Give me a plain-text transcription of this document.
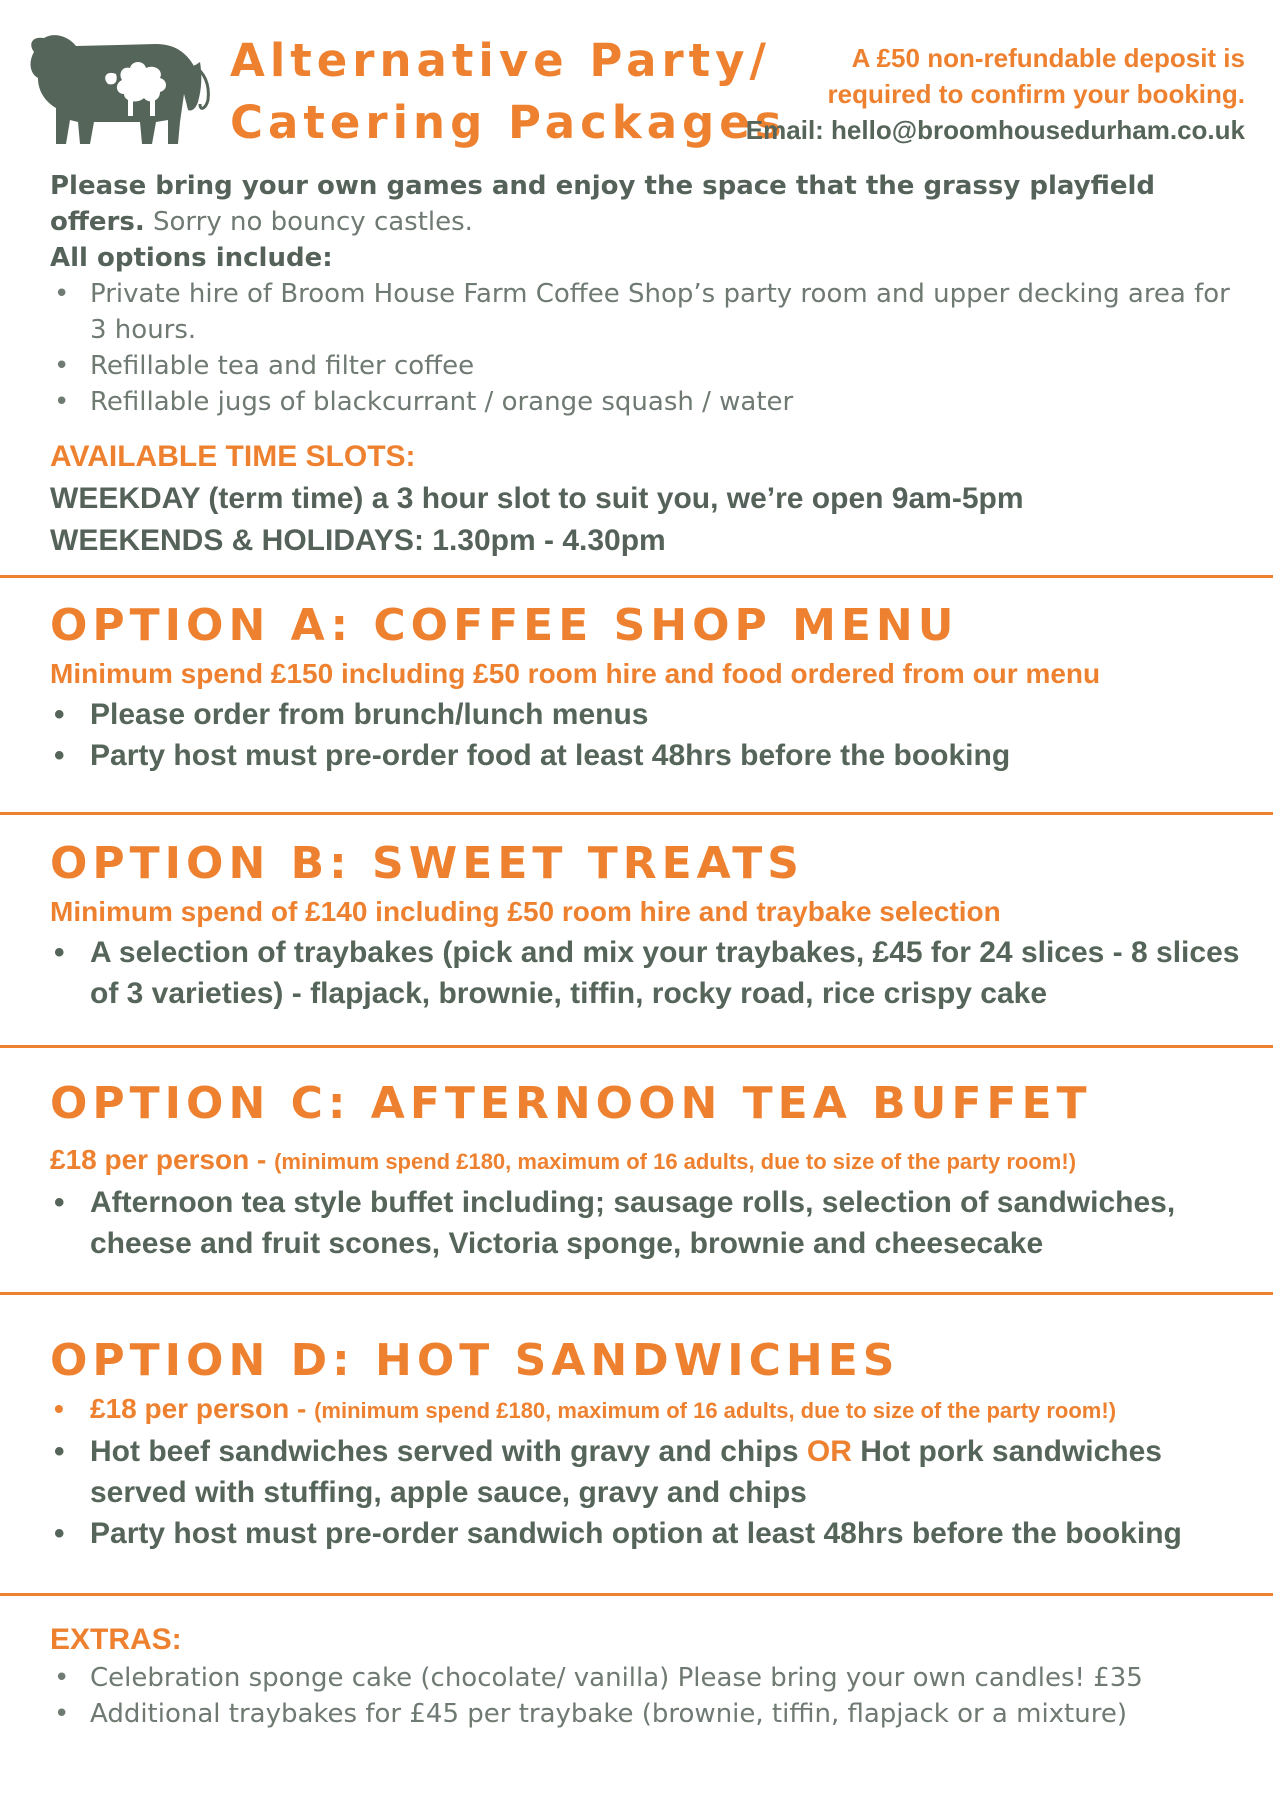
Alternative Party/
Catering Packages
A £50 non-refundable deposit is
required to confirm your booking.
Email: hello@broomhousedurham.co.uk

Please bring your own games and enjoy the space that the grassy playfield offers. Sorry no bouncy castles.

All options include:

• Private hire of Broom House Farm Coffee Shop’s party room and upper decking area for 3 hours.
• Refillable tea and filter coffee
• Refillable jugs of blackcurrant / orange squash / water
AVAILABLE TIME SLOTS:
WEEKDAY (term time) a 3 hour slot to suit you, we’re open 9am-5pm
WEEKENDS & HOLIDAYS: 1.30pm - 4.30pm
OPTION A: COFFEE SHOP MENU
Minimum spend £150 including £50 room hire and food ordered from our menu
• Please order from brunch/lunch menus
• Party host must pre-order food at least 48hrs before the booking
OPTION B: SWEET TREATS
Minimum spend of £140 including £50 room hire and traybake selection
• A selection of traybakes (pick and mix your traybakes, £45 for 24 slices - 8 slices of 3 varieties) - flapjack, brownie, tiffin, rocky road, rice crispy cake
OPTION C: AFTERNOON TEA BUFFET
£18 per person - (minimum spend £180, maximum of 16 adults, due to size of the party room!)
• Afternoon tea style buffet including; sausage rolls, selection of sandwiches, cheese and fruit scones, Victoria sponge, brownie and cheesecake
OPTION D: HOT SANDWICHES
• £18 per person - (minimum spend £180, maximum of 16 adults, due to size of the party room!)
• Hot beef sandwiches served with gravy and chips OR Hot pork sandwiches served with stuffing, apple sauce, gravy and chips
• Party host must pre-order sandwich option at least 48hrs before the booking
EXTRAS:
• Celebration sponge cake (chocolate/ vanilla) Please bring your own candles! £35
• Additional traybakes for £45 per traybake (brownie, tiffin, flapjack or a mixture)
